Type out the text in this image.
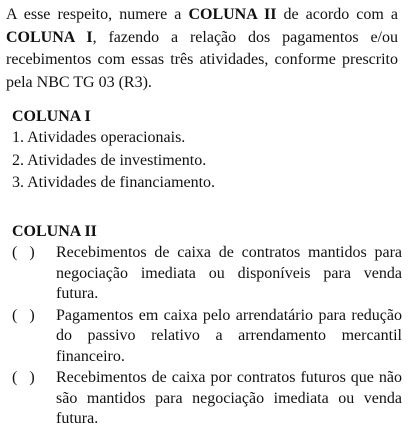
A esse respeito, numere a COLUNA II de acordo com a COLUNA I, fazendo a relação dos pagamentos e/ou recebimentos com essas três atividades, conforme prescrito pela NBC TG 03 (R3).

COLUNA I

1. Atividades operacionais.

2. Atividades de investimento.

3. Atividades de financiamento.

COLUNA II

(   )	Recebimentos de caixa de contratos mantidos para negociação imediata ou disponíveis para venda futura.
(   )	Pagamentos em caixa pelo arrendatário para redução do passivo relativo a arrendamento mercantil financeiro.
(   )	Recebimentos de caixa por contratos futuros que não são mantidos para negociação imediata ou venda futura.
